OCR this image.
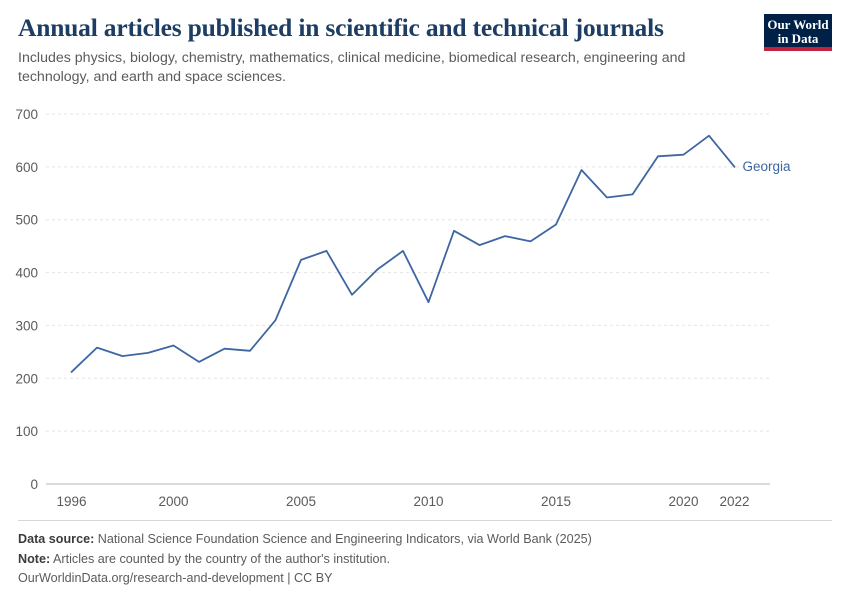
Annual articles published in scientific and technical journals

Includes physics, biology, chemistry, mathematics, clinical medicine, biomedical research, engineering and technology, and earth and space sciences.

Our World
in Data
0
100
200
300
400
500
600
700
1996	2000	2005	2010	2015	2020 2022
Georgia
Data source: National Science Foundation Science and Engineering Indicators, via World Bank (2025)
Note: Articles are counted by the country of the author's institution.
OurWorldinData.org/research-and-development | CC BY
